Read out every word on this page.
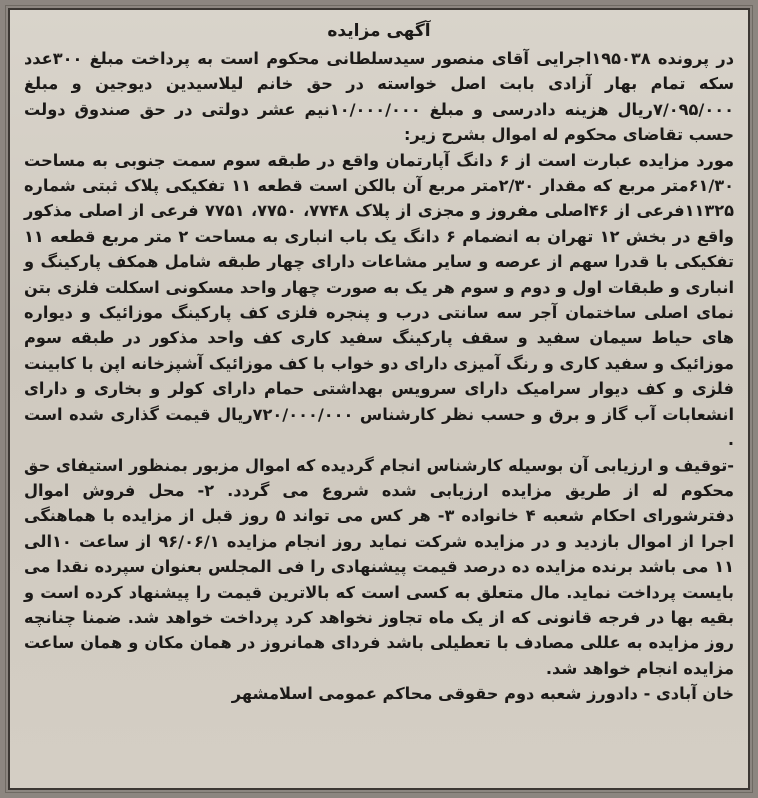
آگهی مزایده

در پرونده ۱۹۵۰۳۸اجرایی آقای منصور سیدسلطانی محکوم است به پرداخت مبلغ ۳۰۰عدد سکه تمام بهار آزادی بابت اصل خواسته در حق خانم لیلاسیدین دیوجین و مبلغ ۷/۰۹۵/۰۰۰ریال هزینه دادرسی و مبلغ ۱۰/۰۰۰/۰۰۰نیم عشر دولتی در حق صندوق دولت حسب تقاضای محکوم له اموال بشرح زیر:

مورد مزایده عبارت است از ۶ دانگ آپارتمان واقع در طبقه سوم سمت جنوبی به مساحت ۶۱/۳۰متر مربع که مقدار ۲/۳۰متر مربع آن بالکن است قطعه ۱۱ تفکیکی پلاک ثبتی شماره ۱۱۳۲۵فرعی از ۴۶اصلی مفروز و مجزی از پلاک ۷۷۴۸، ۷۷۵۰، ۷۷۵۱ فرعی از اصلی مذکور واقع در بخش ۱۲ تهران به انضمام ۶ دانگ یک باب انباری به مساحت ۲ متر مربع قطعه ۱۱ تفکیکی با قدرا سهم از عرصه و سایر مشاعات دارای چهار طبقه شامل همکف پارکینگ و انباری و طبقات اول و دوم و سوم هر یک به صورت چهار واحد مسکونی اسکلت فلزی بتن نمای اصلی ساختمان آجر سه سانتی درب و پنجره فلزی کف پارکینگ موزائیک و دیواره های حیاط سیمان سفید و سقف پارکینگ سفید کاری کف واحد مذکور در طبقه سوم موزائیک و سفید کاری و رنگ آمیزی دارای دو خواب با کف موزائیک آشپزخانه اپن با کابینت فلزی و کف دیوار سرامیک دارای سرویس بهداشتی حمام دارای کولر و بخاری و دارای انشعابات آب گاز و برق و حسب نظر کارشناس ۷۲۰/۰۰۰/۰۰۰ریال قیمت گذاری شده است .

-توقیف و ارزیابی آن بوسیله کارشناس انجام گردیده که اموال مزبور بمنظور استیفای حق محکوم له از طریق مزایده ارزیابی شده شروع می گردد. ۲- محل فروش اموال دفترشورای احکام شعبه ۴ خانواده ۳- هر کس می تواند ۵ روز قبل از مزایده با هماهنگی اجرا از اموال بازدید و در مزایده شرکت نماید روز انجام مزایده ۹۶/۰۶/۱ از ساعت ۱۰الی ۱۱ می باشد برنده مزایده ده درصد قیمت پیشنهادی را فی المجلس بعنوان سپرده نقدا می بایست پرداخت نماید. مال متعلق به کسی است که بالاترین قیمت را پیشنهاد کرده است و بقیه بها در فرجه قانونی که از یک ماه تجاوز نخواهد کرد پرداخت خواهد شد. ضمنا چنانچه روز مزایده به عللی مصادف با تعطیلی باشد فردای همانروز در همان مکان و همان ساعت مزایده انجام خواهد شد.

خان آبادی - دادورز شعبه دوم حقوقی محاکم عمومی اسلامشهر
